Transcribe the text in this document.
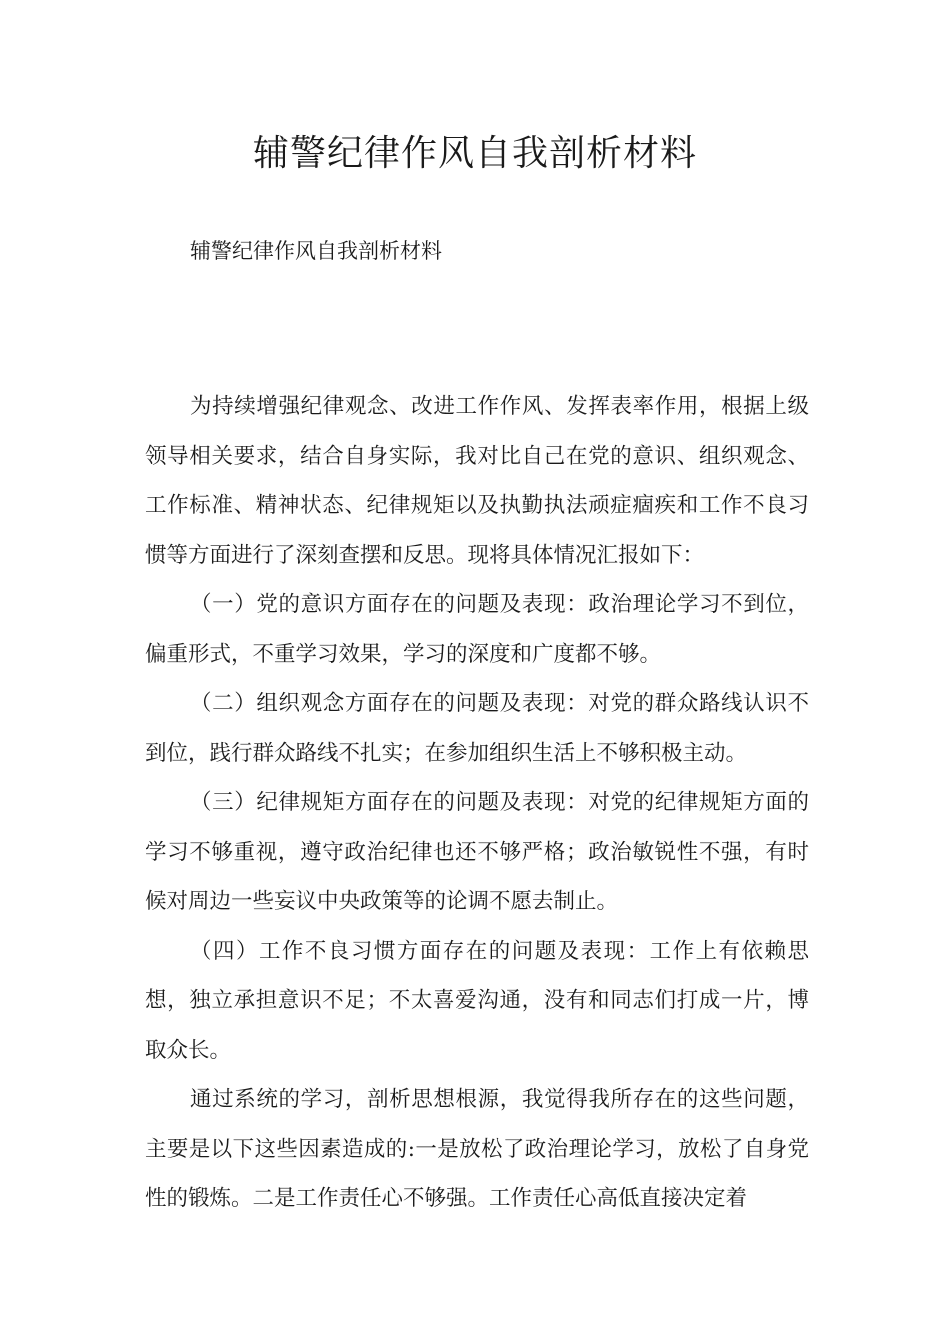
辅警纪律作风自我剖析材料

辅警纪律作风自我剖析材料

为持续增强纪律观念、改进工作作风、发挥表率作用，根据上级领导相关要求，结合自身实际，我对比自己在党的意识、组织观念、工作标准、精神状态、纪律规矩以及执勤执法顽症痼疾和工作不良习惯等方面进行了深刻查摆和反思。现将具体情况汇报如下：

（一）党的意识方面存在的问题及表现：政治理论学习不到位，偏重形式，不重学习效果，学习的深度和广度都不够。

（二）组织观念方面存在的问题及表现：对党的群众路线认识不到位，践行群众路线不扎实；在参加组织生活上不够积极主动。

（三）纪律规矩方面存在的问题及表现：对党的纪律规矩方面的学习不够重视，遵守政治纪律也还不够严格；政治敏锐性不强，有时候对周边一些妄议中央政策等的论调不愿去制止。

（四）工作不良习惯方面存在的问题及表现：工作上有依赖思想，独立承担意识不足；不太喜爱沟通，没有和同志们打成一片，博取众长。

通过系统的学习，剖析思想根源，我觉得我所存在的这些问题，主要是以下这些因素造成的:一是放松了政治理论学习，放松了自身党性的锻炼。二是工作责任心不够强。工作责任心高低直接决定着
